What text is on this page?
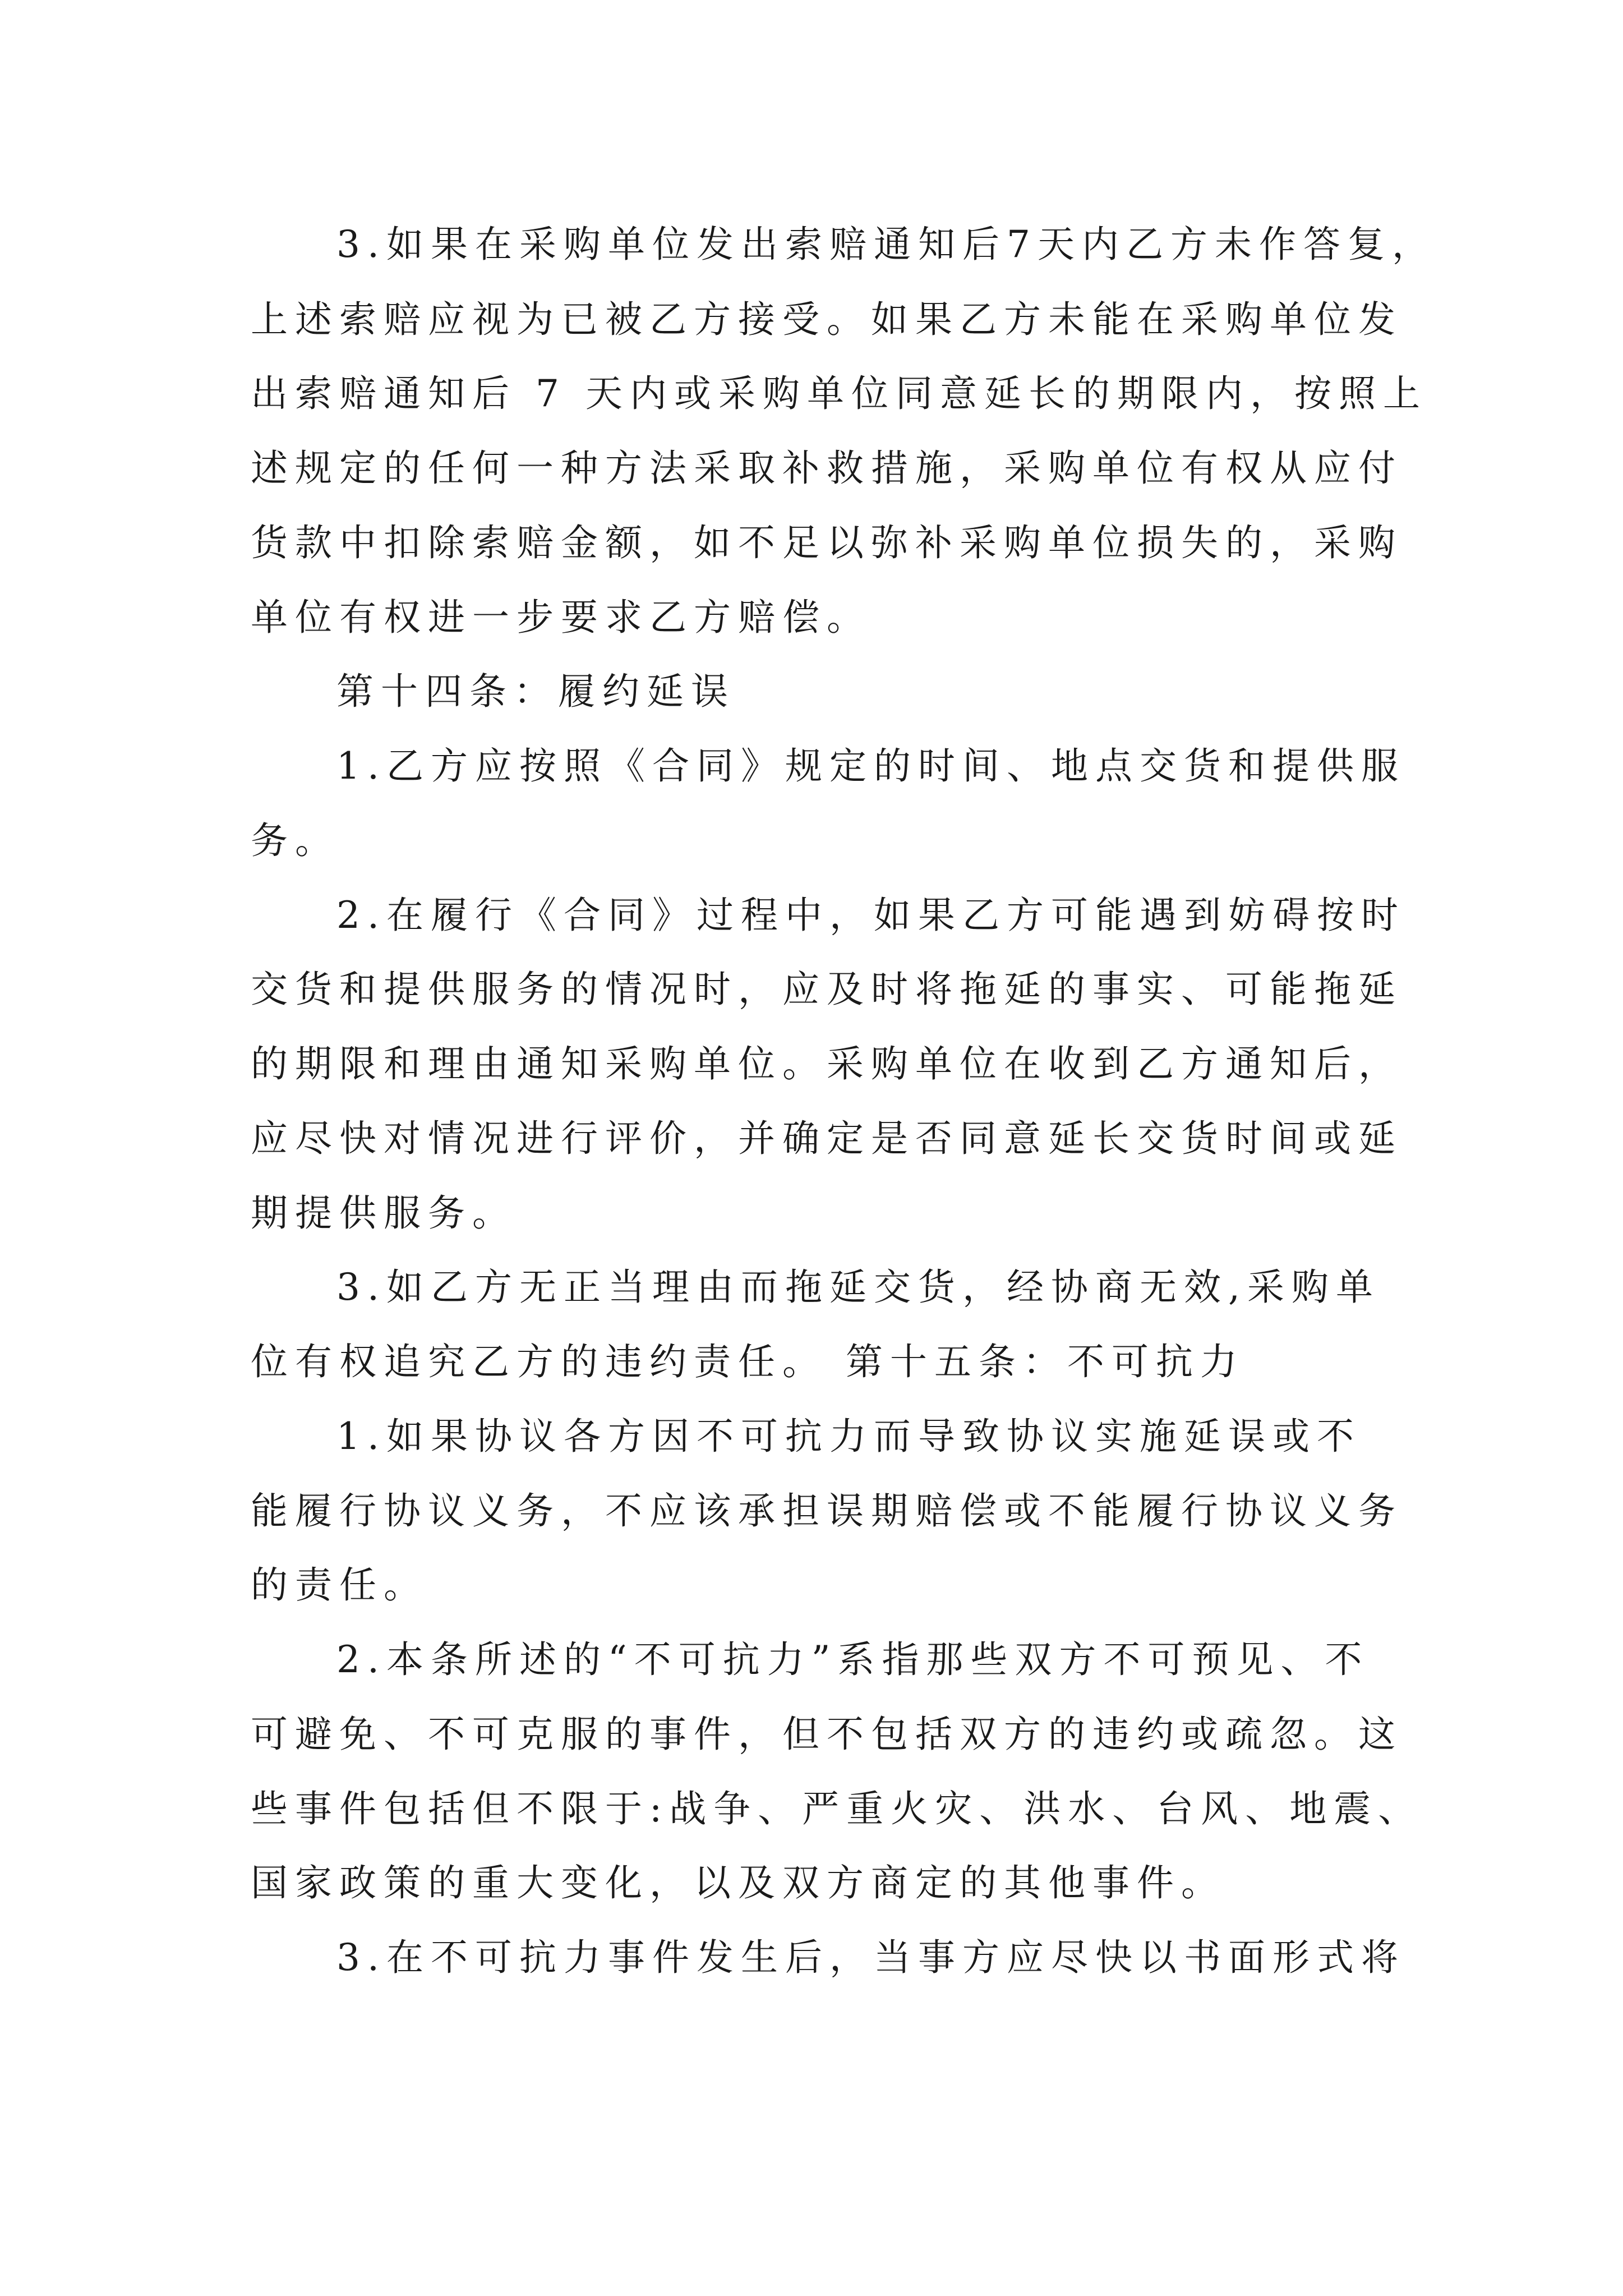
3.如果在采购单位发出索赔通知后7天内乙方未作答复，

上述索赔应视为已被乙方接受。如果乙方未能在采购单位发

出索赔通知后 7 天内或采购单位同意延长的期限内，按照上

述规定的任何一种方法采取补救措施，采购单位有权从应付

货款中扣除索赔金额，如不足以弥补采购单位损失的，采购

单位有权进一步要求乙方赔偿。

第十四条：履约延误

1.乙方应按照《合同》规定的时间、地点交货和提供服

务。

2.在履行《合同》过程中，如果乙方可能遇到妨碍按时

交货和提供服务的情况时，应及时将拖延的事实、可能拖延

的期限和理由通知采购单位。采购单位在收到乙方通知后，

应尽快对情况进行评价，并确定是否同意延长交货时间或延

期提供服务。

3.如乙方无正当理由而拖延交货，经协商无效,采购单

位有权追究乙方的违约责任。 第十五条：不可抗力

1.如果协议各方因不可抗力而导致协议实施延误或不

能履行协议义务，不应该承担误期赔偿或不能履行协议义务

的责任。

2.本条所述的“不可抗力”系指那些双方不可预见、不

可避免、不可克服的事件，但不包括双方的违约或疏忽。这

些事件包括但不限于:战争、严重火灾、洪水、台风、地震、

国家政策的重大变化，以及双方商定的其他事件。

3.在不可抗力事件发生后，当事方应尽快以书面形式将
